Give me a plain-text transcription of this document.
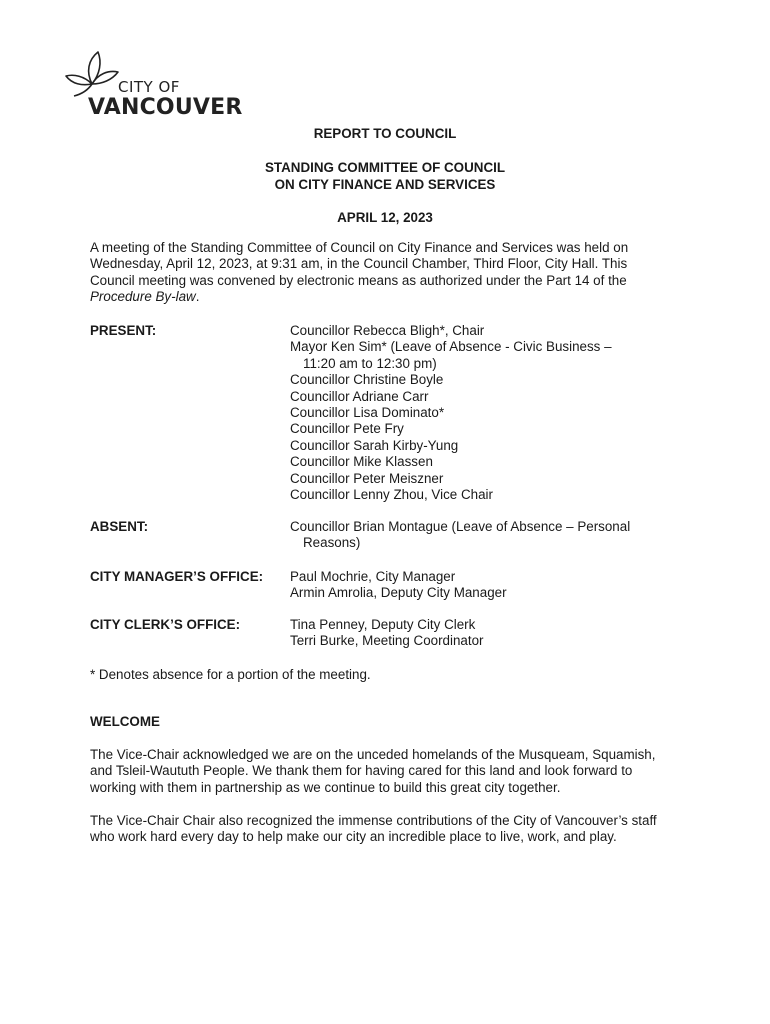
CITY OF
VANCOUVER
REPORT TO COUNCIL
STANDING COMMITTEE OF COUNCIL
ON CITY FINANCE AND SERVICES
APRIL 12, 2023
A meeting of the Standing Committee of Council on City Finance and Services was held on
Wednesday, April 12, 2023, at 9:31 am, in the Council Chamber, Third Floor, City Hall. This
Council meeting was convened by electronic means as authorized under the Part 14 of the
Procedure By-law.
PRESENT:	Councillor Rebecca Bligh*, Chair
Mayor Ken Sim* (Leave of Absence - Civic Business –
11:20 am to 12:30 pm)
Councillor Christine Boyle
Councillor Adriane Carr
Councillor Lisa Dominato*
Councillor Pete Fry
Councillor Sarah Kirby-Yung
Councillor Mike Klassen
Councillor Peter Meiszner
Councillor Lenny Zhou, Vice Chair
ABSENT:	Councillor Brian Montague (Leave of Absence – Personal
Reasons)
CITY MANAGER’S OFFICE: Paul Mochrie, City Manager
Armin Amrolia, Deputy City Manager
CITY CLERK’S OFFICE:	Tina Penney, Deputy City Clerk
Terri Burke, Meeting Coordinator
* Denotes absence for a portion of the meeting.
WELCOME
The Vice-Chair acknowledged we are on the unceded homelands of the Musqueam, Squamish,
and Tsleil-Waututh People. We thank them for having cared for this land and look forward to
working with them in partnership as we continue to build this great city together.
The Vice-Chair Chair also recognized the immense contributions of the City of Vancouver’s staff
who work hard every day to help make our city an incredible place to live, work, and play.
